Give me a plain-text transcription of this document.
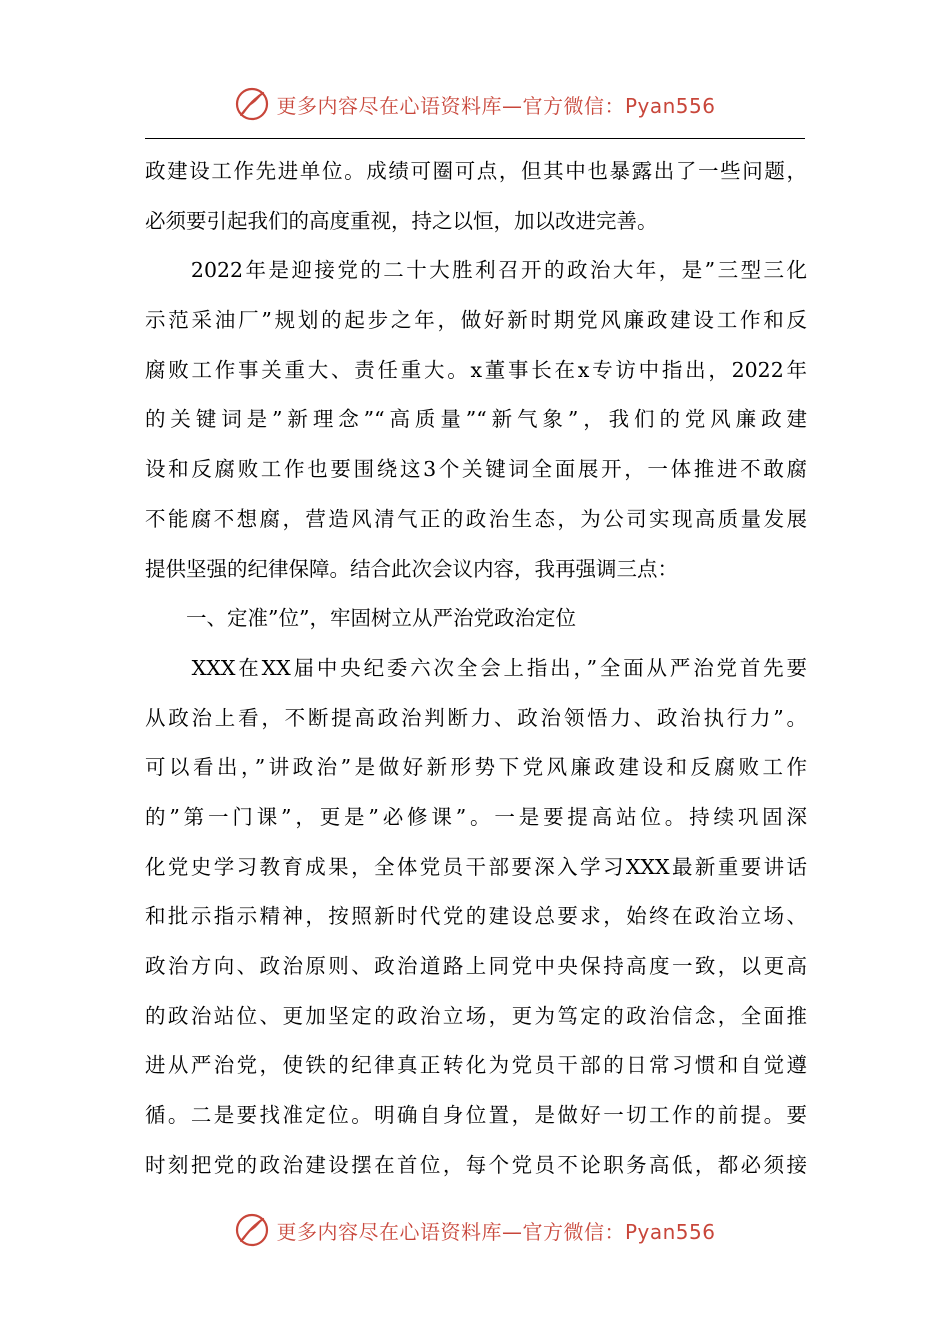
更多内容尽在心语资料库—官方微信：Pyan556
政建设工作先进单位。成绩可圈可点，但其中也暴露出了一些问题，
必须要引起我们的高度重视，持之以恒，加以改进完善。
　　2022年是迎接党的二十大胜利召开的政治大年，是”三型三化
示范采油厂”规划的起步之年，做好新时期党风廉政建设工作和反
腐败工作事关重大、责任重大。x董事长在x专访中指出，2022年
的关键词是”新理念”“高质量”“新气象”，我们的党风廉政建
设和反腐败工作也要围绕这3个关键词全面展开，一体推进不敢腐
不能腐不想腐，营造风清气正的政治生态，为公司实现高质量发展
提供坚强的纪律保障。结合此次会议内容，我再强调三点：
　　一、定准”位”，牢固树立从严治党政治定位
　　XXX在XX届中央纪委六次全会上指出，”全面从严治党首先要
从政治上看，不断提高政治判断力、政治领悟力、政治执行力”。
可以看出，”讲政治”是做好新形势下党风廉政建设和反腐败工作
的”第一门课”，更是”必修课”。一是要提高站位。持续巩固深
化党史学习教育成果，全体党员干部要深入学习XXX最新重要讲话
和批示指示精神，按照新时代党的建设总要求，始终在政治立场、
政治方向、政治原则、政治道路上同党中央保持高度一致，以更高
的政治站位、更加坚定的政治立场，更为笃定的政治信念，全面推
进从严治党，使铁的纪律真正转化为党员干部的日常习惯和自觉遵
循。二是要找准定位。明确自身位置，是做好一切工作的前提。要
时刻把党的政治建设摆在首位，每个党员不论职务高低，都必须接
更多内容尽在心语资料库—官方微信：Pyan556
